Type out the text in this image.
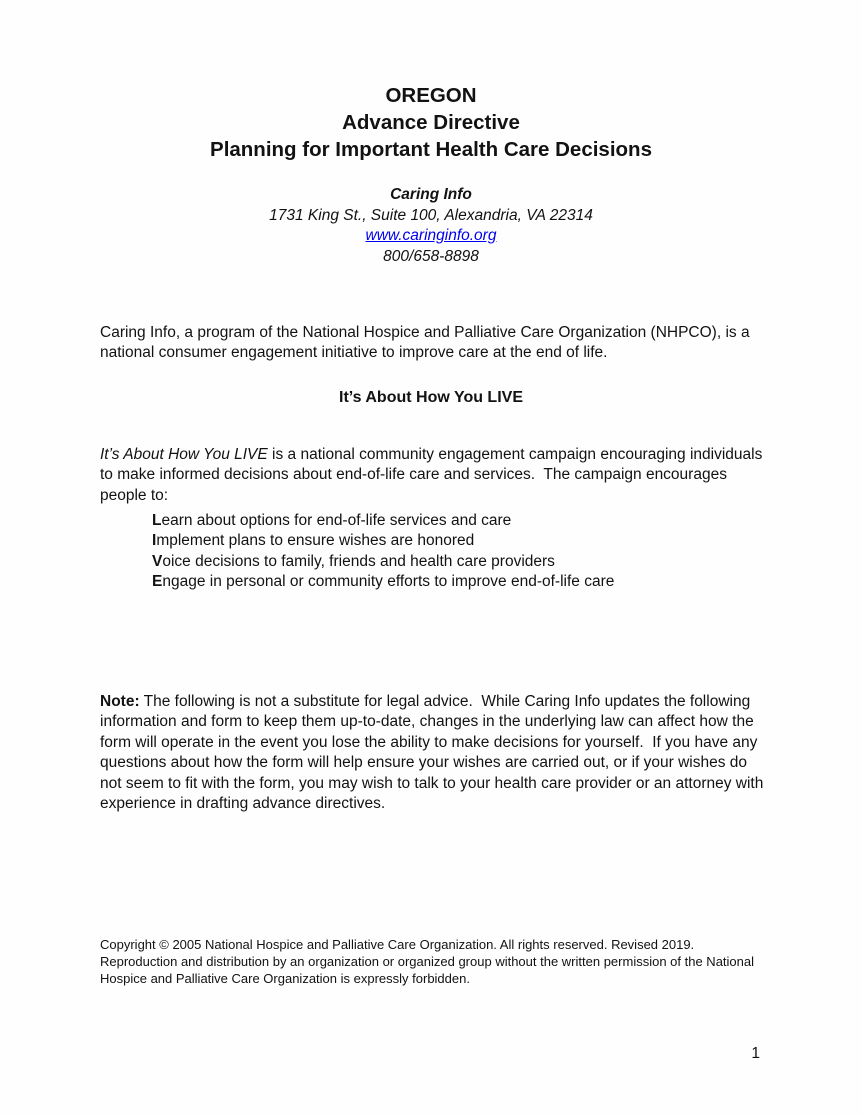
OREGON
Advance Directive
Planning for Important Health Care Decisions
Caring Info
1731 King St., Suite 100, Alexandria, VA 22314
www.caringinfo.org
800/658-8898

Caring Info, a program of the National Hospice and Palliative Care Organization (NHPCO), is a national consumer engagement initiative to improve care at the end of life.

It’s About How You LIVE

It’s About How You LIVE is a national community engagement campaign encouraging individuals to make informed decisions about end-of-life care and services.  The campaign encourages people to:

Learn about options for end-of-life services and care
Implement plans to ensure wishes are honored
Voice decisions to family, friends and health care providers
Engage in personal or community efforts to improve end-of-life care

Note: The following is not a substitute for legal advice.  While Caring Info updates the following information and form to keep them up-to-date, changes in the underlying law can affect how the form will operate in the event you lose the ability to make decisions for yourself.  If you have any questions about how the form will help ensure your wishes are carried out, or if your wishes do not seem to fit with the form, you may wish to talk to your health care provider or an attorney with experience in drafting advance directives.

Copyright © 2005 National Hospice and Palliative Care Organization. All rights reserved. Revised 2019. Reproduction and distribution by an organization or organized group without the written permission of the National Hospice and Palliative Care Organization is expressly forbidden.
1
